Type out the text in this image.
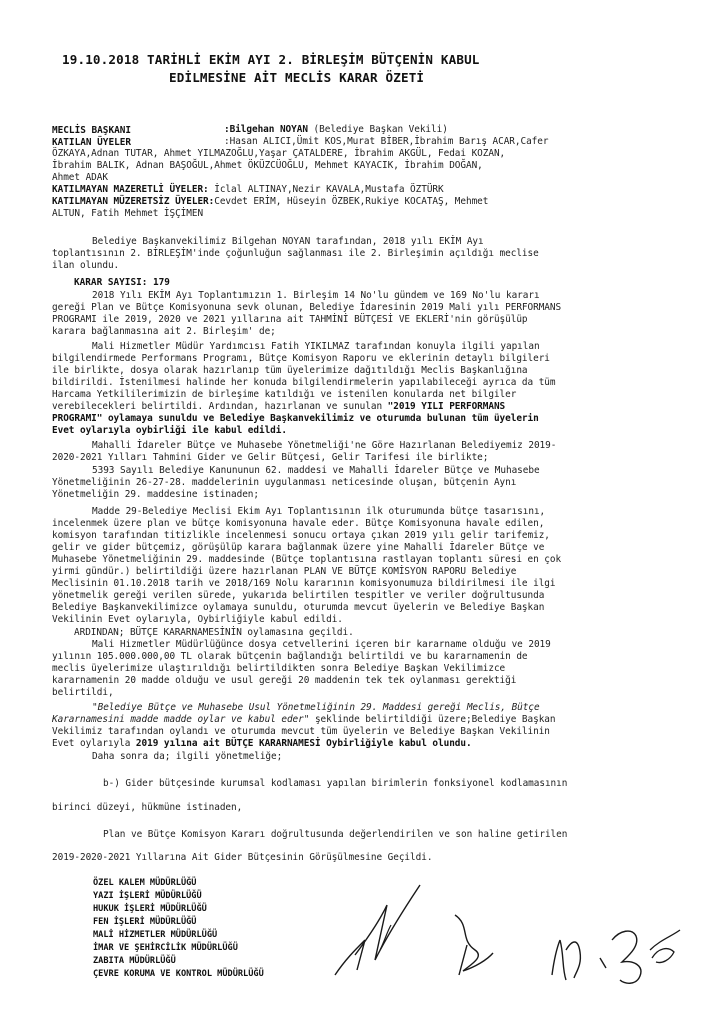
19.10.2018 TARİHLİ EKİM AYI 2. BİRLEŞİM BÜTÇENİN KABUL
EDİLMESİNE AİT MECLİS KARAR ÖZETİ
MECLİS BAŞKANI	:Bilgehan NOYAN (Belediye Başkan Vekili)
KATILAN ÜYELER	:Hasan ALICI,Ümit KOS,Murat BİBER,İbrahim Barış ACAR,Cafer
ÖZKAYA,Adnan TUTAR, Ahmet YILMAZOĞLU,Yaşar ÇATALDERE, İbrahim AKGÜL, Fedai KOZAN,
İbrahim BALIK, Adnan BAŞOĞUL,Ahmet ÖKÜZCÜOĞLU, Mehmet KAYACIK, İbrahim DOĞAN,
Ahmet ADAK
KATILMAYAN MAZERETLİ ÜYELER: İclal ALTINAY,Nezir KAVALA,Mustafa ÖZTÜRK
KATILMAYAN MÜZERETSİZ ÜYELER:Cevdet ERİM, Hüseyin ÖZBEK,Rukiye KOCATAŞ, Mehmet
ALTUN, Fatih Mehmet İŞÇİMEN
Belediye Başkanvekilimiz Bilgehan NOYAN tarafından, 2018 yılı EKİM Ayı
toplantısının 2. BİRLEŞİM'inde çoğunluğun sağlanması ile 2. Birleşimin açıldığı meclise
ilan olundu.
KARAR SAYISI: 179
2018 Yılı EKİM Ayı Toplantımızın 1. Birleşim 14 No'lu gündem ve 169 No'lu kararı
gereği Plan ve Bütçe Komisyonuna sevk olunan, Belediye İdaresinin 2019 Mali yılı PERFORMANS
PROGRAMI ile 2019, 2020 ve 2021 yıllarına ait TAHMİNİ BÜTÇESİ VE EKLERİ'nin görüşülüp
karara bağlanmasına ait 2. Birleşim' de;
Mali Hizmetler Müdür Yardımcısı Fatih YIKILMAZ tarafından konuyla ilgili yapılan
bilgilendirmede Performans Programı, Bütçe Komisyon Raporu ve eklerinin detaylı bilgileri
ile birlikte, dosya olarak hazırlanıp tüm üyelerimize dağıtıldığı Meclis Başkanlığına
bildirildi. İstenilmesi halinde her konuda bilgilendirmelerin yapılabileceği ayrıca da tüm
Harcama Yetkililerimizin de birleşime katıldığı ve istenilen konularda net bilgiler
verebilecekleri belirtildi. Ardından, hazırlanan ve sunulan "2019 YILI PERFORMANS
PROGRAMI" oylamaya sunuldu ve Belediye Başkanvekilimiz ve oturumda bulunan tüm üyelerin
Evet oylarıyla oybirliği ile kabul edildi.
Mahalli İdareler Bütçe ve Muhasebe Yönetmeliği'ne Göre Hazırlanan Belediyemiz 2019-
2020-2021 Yılları Tahmini Gider ve Gelir Bütçesi, Gelir Tarifesi ile birlikte;
5393 Sayılı Belediye Kanununun 62. maddesi ve Mahalli İdareler Bütçe ve Muhasebe
Yönetmeliğinin 26-27-28. maddelerinin uygulanması neticesinde oluşan, bütçenin Aynı
Yönetmeliğin 29. maddesine istinaden;
Madde 29-Belediye Meclisi Ekim Ayı Toplantısının ilk oturumunda bütçe tasarısını,
incelenmek üzere plan ve bütçe komisyonuna havale eder. Bütçe Komisyonuna havale edilen,
komisyon tarafından titizlikle incelenmesi sonucu ortaya çıkan 2019 yılı gelir tarifemiz,
gelir ve gider bütçemiz, görüşülüp karara bağlanmak üzere yine Mahalli İdareler Bütçe ve
Muhasebe Yönetmeliğinin 29. maddesinde (Bütçe toplantısına rastlayan toplantı süresi en çok
yirmi gündür.) belirtildiği üzere hazırlanan PLAN VE BÜTÇE KOMİSYON RAPORU Belediye
Meclisinin 01.10.2018 tarih ve 2018/169 Nolu kararının komisyonumuza bildirilmesi ile ilgi
yönetmelik gereği verilen sürede, yukarıda belirtilen tespitler ve veriler doğrultusunda
Belediye Başkanvekilimizce oylamaya sunuldu, oturumda mevcut üyelerin ve Belediye Başkan
Vekilinin Evet oylarıyla, Oybirliğiyle kabul edildi.
ARDINDAN; BÜTÇE KARARNAMESİNİN oylamasına geçildi.
Mali Hizmetler Müdürlüğünce dosya cetvellerini içeren bir kararname olduğu ve 2019
yılının 105.000.000,00 TL olarak bütçenin bağlandığı belirtildi ve bu kararnamenin de
meclis üyelerimize ulaştırıldığı belirtildikten sonra Belediye Başkan Vekilimizce
kararnamenin 20 madde olduğu ve usul gereği 20 maddenin tek tek oylanması gerektiği
belirtildi,
"Belediye Bütçe ve Muhasebe Usul Yönetmeliğinin 29. Maddesi gereği Meclis, Bütçe
Kararnamesini madde madde oylar ve kabul eder" şeklinde belirtildiği üzere;Belediye Başkan
Vekilimiz tarafından oylandı ve oturumda mevcut tüm üyelerin ve Belediye Başkan Vekilinin
Evet oylarıyla 2019 yılına ait BÜTÇE KARARNAMESİ Oybirliğiyle kabul olundu.
Daha sonra da; ilgili yönetmeliğe;
b-) Gider bütçesinde kurumsal kodlaması yapılan birimlerin fonksiyonel kodlamasının
birinci düzeyi, hükmüne istinaden,
Plan ve Bütçe Komisyon Kararı doğrultusunda değerlendirilen ve son haline getirilen
2019-2020-2021 Yıllarına Ait Gider Bütçesinin Görüşülmesine Geçildi.
ÖZEL KALEM MÜDÜRLÜĞÜ
YAZI İŞLERİ MÜDÜRLÜĞÜ
HUKUK İŞLERİ MÜDÜRLÜĞÜ
FEN İŞLERİ MÜDÜRLÜĞÜ
MALİ HİZMETLER MÜDÜRLÜĞÜ
İMAR VE ŞEHİRCİLİK MÜDÜRLÜĞÜ
ZABITA MÜDÜRLÜĞÜ
ÇEVRE KORUMA VE KONTROL MÜDÜRLÜĞÜ
